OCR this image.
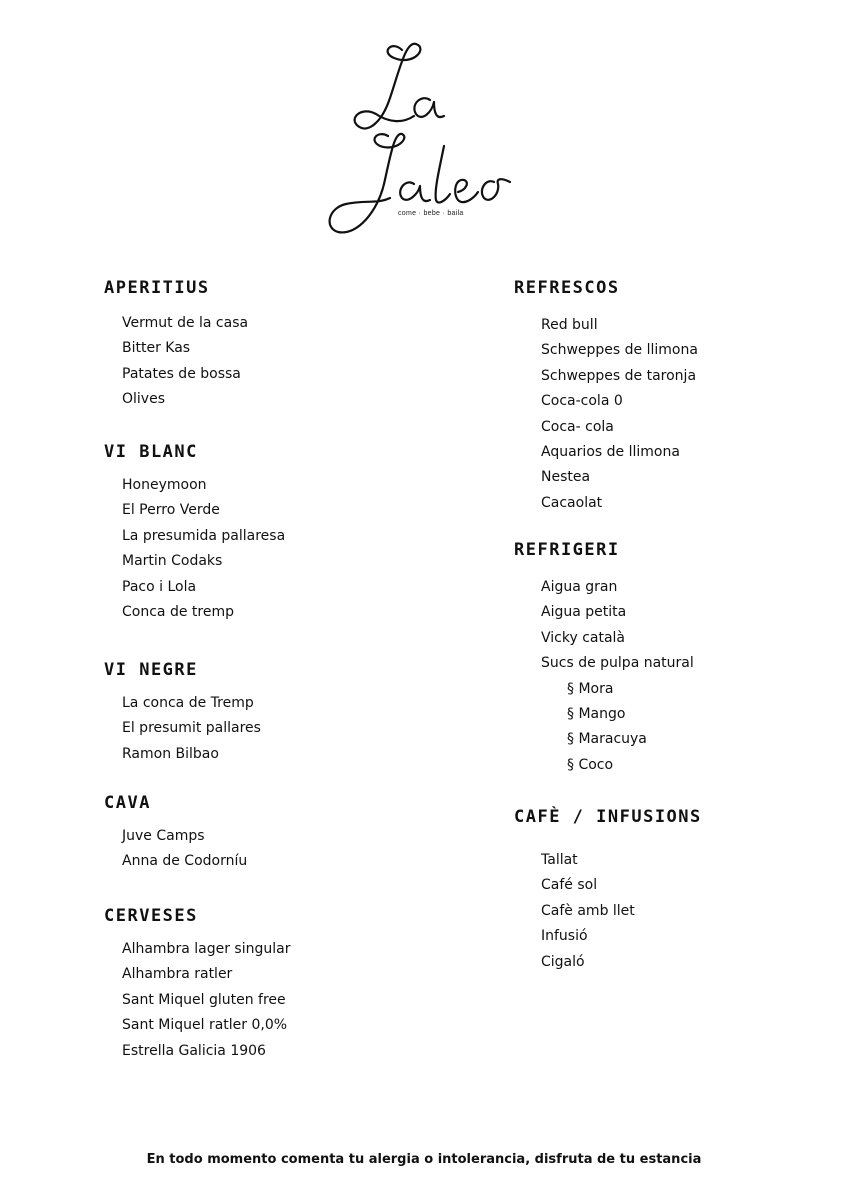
come · bebe · baila
APERITIUS
Vermut de la casa
Bitter Kas
Patates de bossa
Olives
VI BLANC
Honeymoon
El Perro Verde
La presumida pallaresa
Martin Codaks
Paco i Lola
Conca de tremp
VI NEGRE
La conca de Tremp
El presumit pallares
Ramon Bilbao
CAVA
Juve Camps
Anna de Codorníu
CERVESES
Alhambra lager singular
Alhambra ratler
Sant Miquel gluten free
Sant Miquel ratler 0,0%
Estrella Galicia 1906
REFRESCOS
Red bull
Schweppes de llimona
Schweppes de taronja
Coca-cola 0
Coca- cola
Aquarios de llimona
Nestea
Cacaolat
REFRIGERI
Aigua gran
Aigua petita
Vicky català
Sucs de pulpa natural
§ Mora
§ Mango
§ Maracuya
§ Coco
CAFÈ / INFUSIONS
Tallat
Café sol
Cafè amb llet
Infusió
Cigaló
En todo momento comenta tu alergia o intolerancia, disfruta de tu estancia
